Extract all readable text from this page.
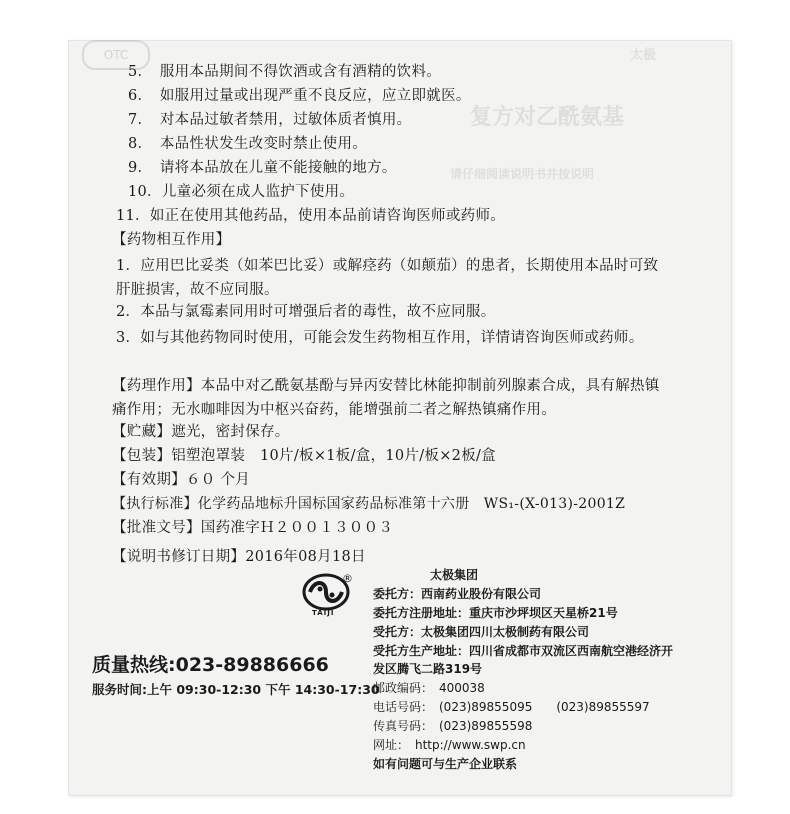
OTC
5．　服用本品期间不得饮酒或含有酒精的饮料。
6．　如服用过量或出现严重不良反应，应立即就医。
7．　对本品过敏者禁用，过敏体质者慎用。
8．　本品性状发生改变时禁止使用。
9．　请将本品放在儿童不能接触的地方。
10．儿童必须在成人监护下使用。
11．如正在使用其他药品，使用本品前请咨询医师或药师。
【药物相互作用】
1．应用巴比妥类（如苯巴比妥）或解痉药（如颠茄）的患者，长期使用本品时可致肝脏损害，故不应同服。
2．本品与氯霉素同用时可增强后者的毒性，故不应同服。
3．如与其他药物同时使用，可能会发生药物相互作用，详情请咨询医师或药师。
【药理作用】本品中对乙酰氨基酚与异丙安替比林能抑制前列腺素合成，具有解热镇痛作用；无水咖啡因为中枢兴奋药，能增强前二者之解热镇痛作用。
【贮藏】遮光，密封保存。
【包装】铝塑泡罩装　10片/板×1板/盒，10片/板×2板/盒
【有效期】６０ 个月
【执行标准】化学药品地标升国标国家药品标准第十六册　WS₁-(X-013)-2001Z
【批准文号】国药准字Ｈ２００１３００３
【说明书修订日期】2016年08月18日
®
TAIJI
太极集团
委托方：西南药业股份有限公司
委托方注册地址：重庆市沙坪坝区天星桥21号
受托方：太极集团四川太极制药有限公司
受托方生产地址：四川省成都市双流区西南航空港经济开
发区腾飞二路319号
邮政编码：　400038
电话号码：　(023)89855095　　(023)89855597
传真号码：　(023)89855598
网址：　http://www.swp.cn
如有问题可与生产企业联系
质量热线:023-89886666
服务时间:上午 09:30-12:30 下午 14:30-17:30
